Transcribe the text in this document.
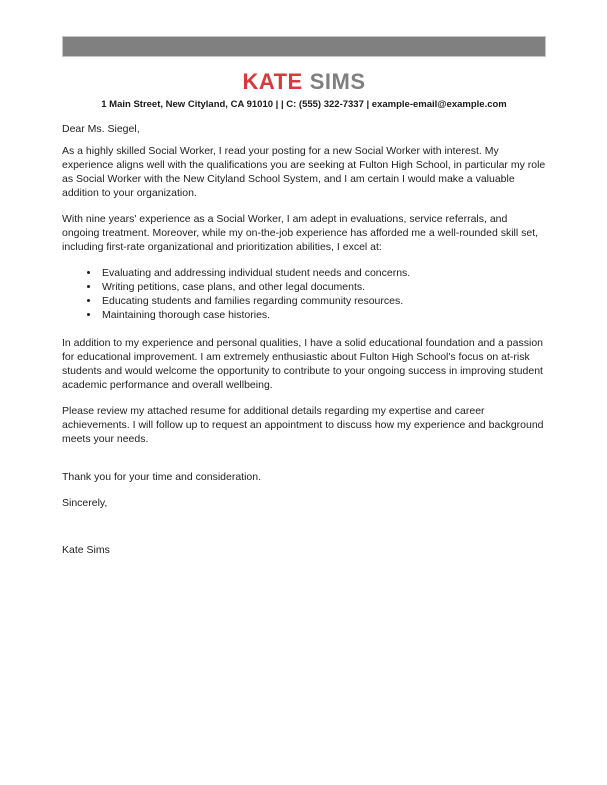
KATE SIMS
1 Main Street, New Cityland, CA 91010 | | C: (555) 322-7337 | example-email@example.com

Dear Ms. Siegel,

As a highly skilled Social Worker, I read your posting for a new Social Worker with interest. My experience aligns well with the qualifications you are seeking at Fulton High School, in particular my role as Social Worker with the New Cityland School System, and I am certain I would make a valuable addition to your organization.

With nine years' experience as a Social Worker, I am adept in evaluations, service referrals, and ongoing treatment. Moreover, while my on-the-job experience has afforded me a well-rounded skill set, including first-rate organizational and prioritization abilities, I excel at:

• Evaluating and addressing individual student needs and concerns.
• Writing petitions, case plans, and other legal documents.
• Educating students and families regarding community resources.
• Maintaining thorough case histories.

In addition to my experience and personal qualities, I have a solid educational foundation and a passion for educational improvement. I am extremely enthusiastic about Fulton High School's focus on at-risk students and would welcome the opportunity to contribute to your ongoing success in improving student academic performance and overall wellbeing.

Please review my attached resume for additional details regarding my expertise and career achievements. I will follow up to request an appointment to discuss how my experience and background meets your needs.

Thank you for your time and consideration.

Sincerely,

Kate Sims
